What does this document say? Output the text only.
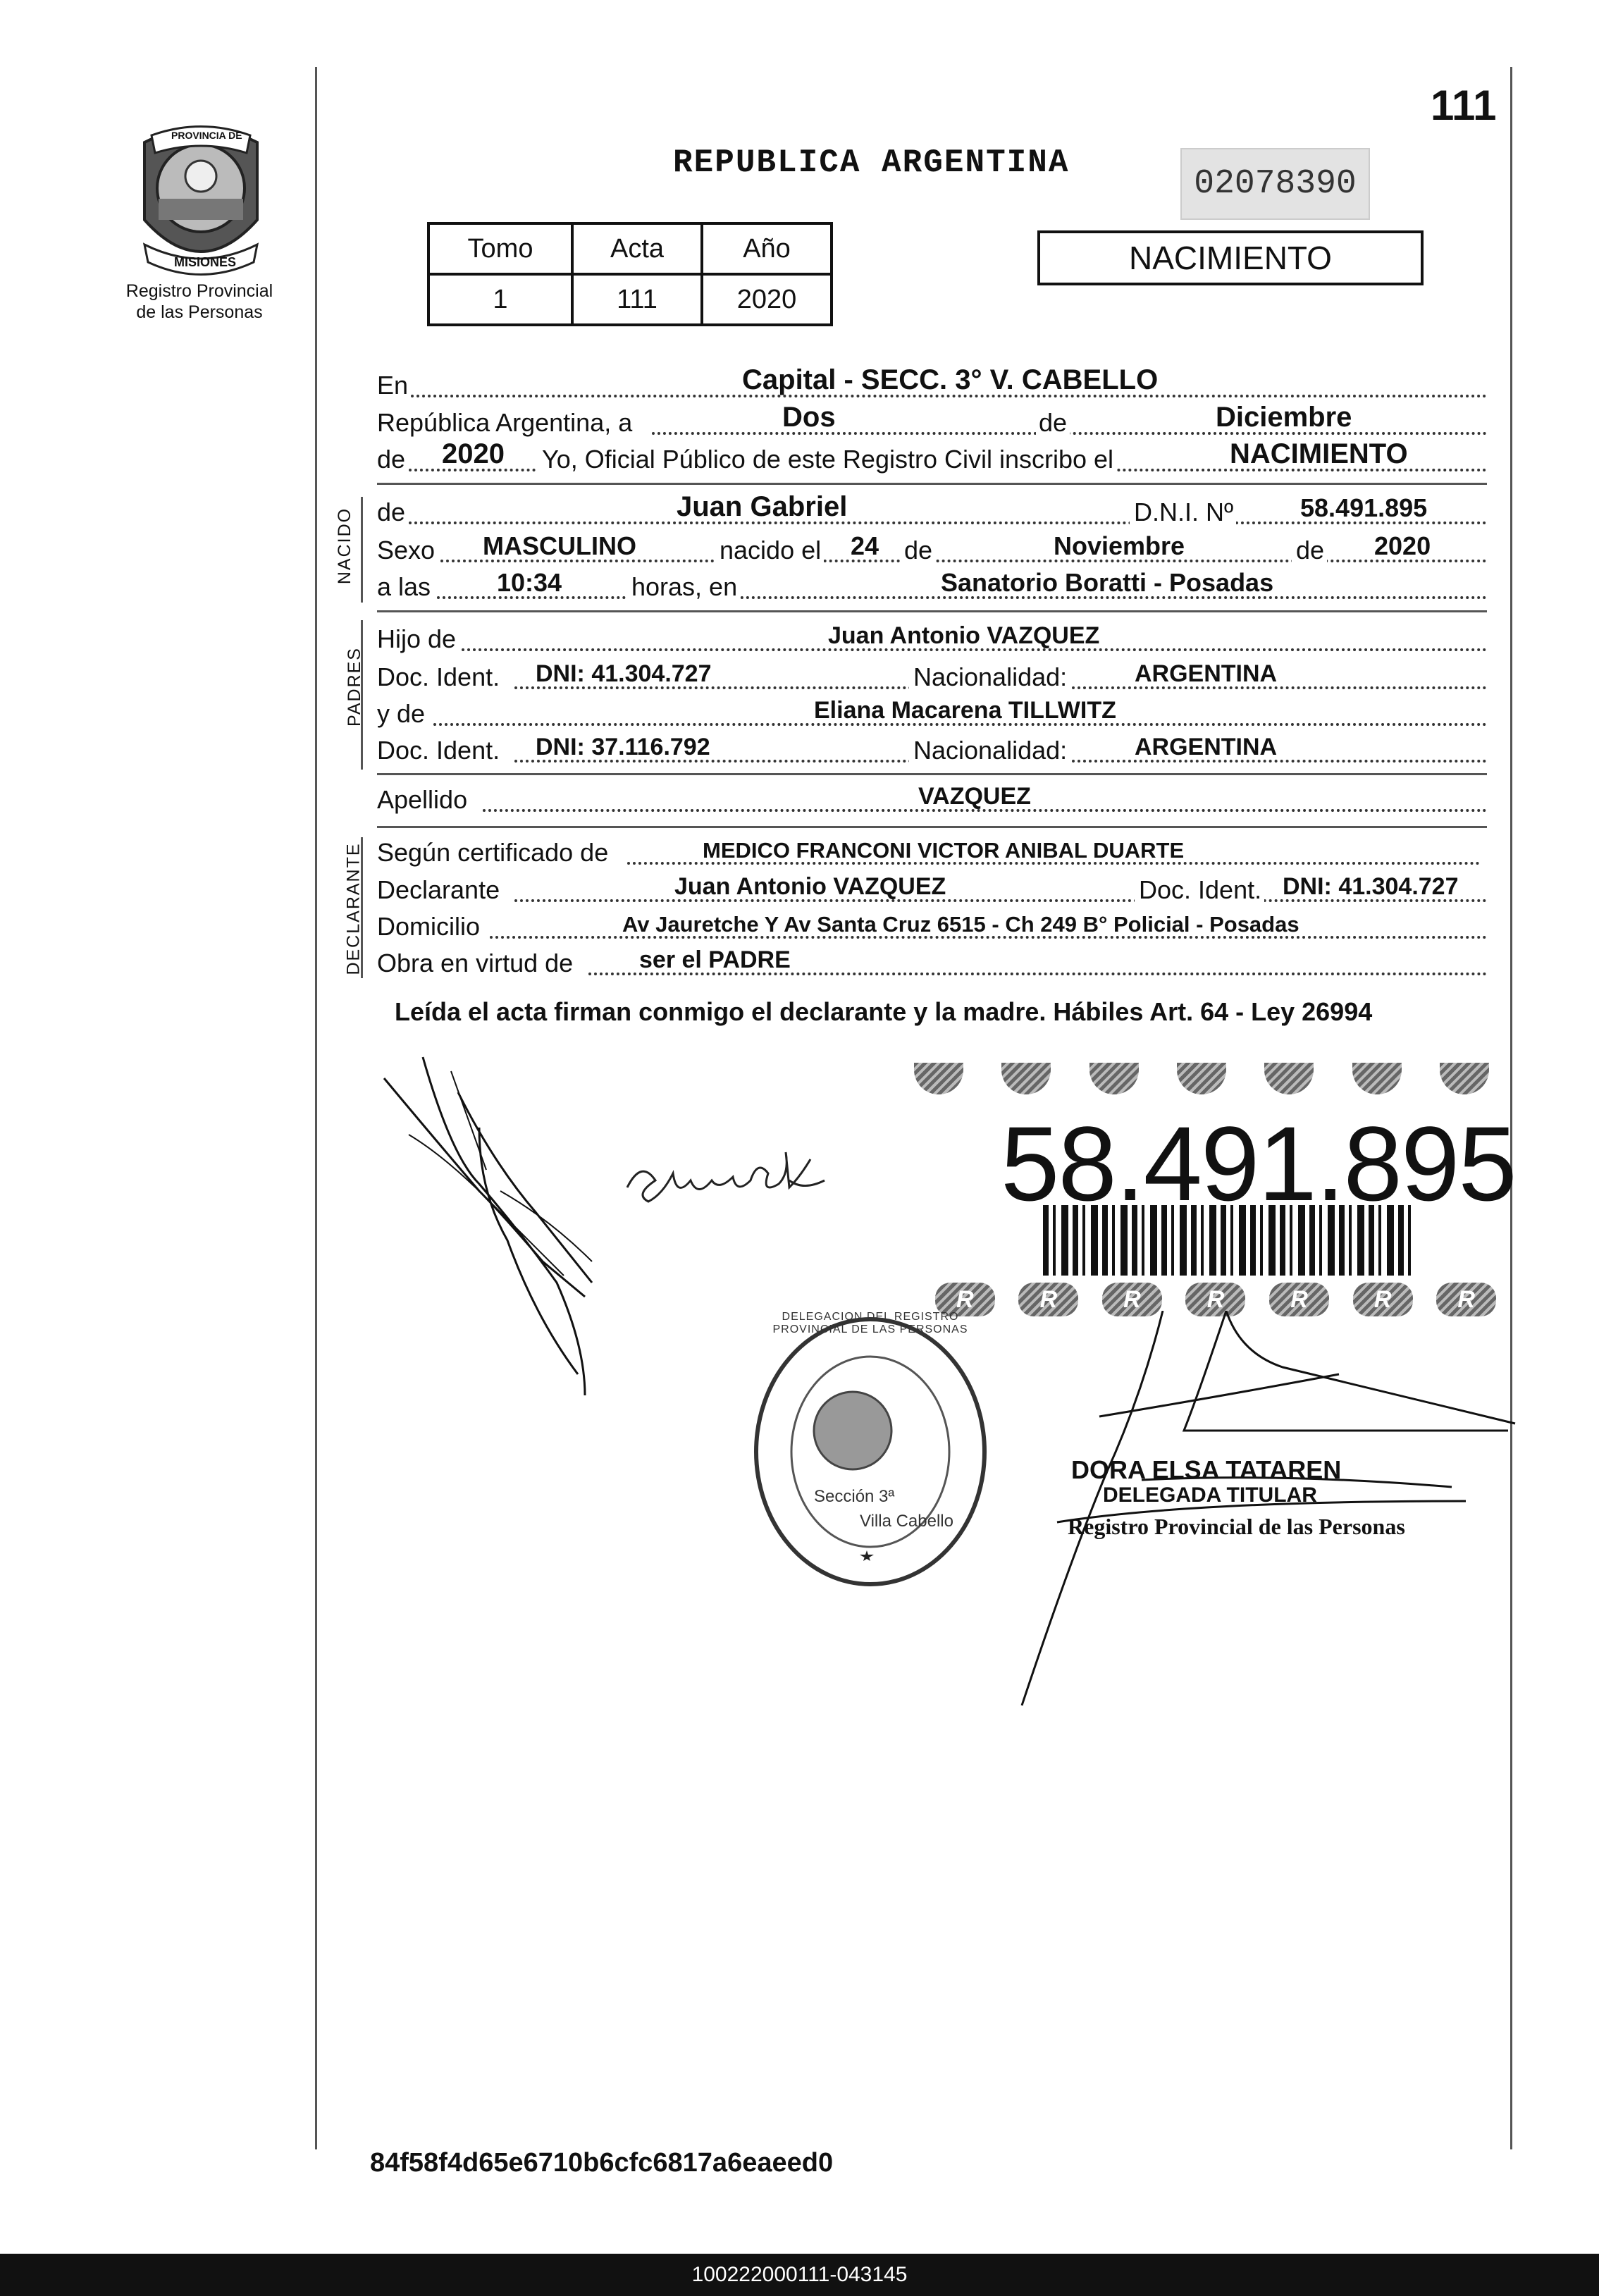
111
PROVINCIA DE
MISIONES
Registro Provincial
de las Personas
REPUBLICA ARGENTINA
02078390
Tomo	Acta	Año
1	111	2020
NACIMIENTO
En	Capital - SECC. 3° V. CABELLO
República Argentina, a	Dos	de	Diciembre
de 2020 Yo, Oficial Público de este Registro Civil inscribo el	NACIMIENTO
NACIDO de	Juan Gabriel	D.N.I. Nº	58.491.895
Sexo MASCULINO	nacido el 24 de	Noviembre	de 2020
a las	10:34	horas, en	Sanatorio Boratti - Posadas
PADRES
Hijo de	Juan Antonio VAZQUEZ
Doc. Ident. DNI: 41.304.727	Nacionalidad:	ARGENTINA
y de	Eliana Macarena TILLWITZ
Doc. Ident. DNI: 37.116.792	Nacionalidad:	ARGENTINA
Apellido	VAZQUEZ
DECLARANTE Según certificado de	MEDICO FRANCONI VICTOR ANIBAL DUARTE
Declarante	Juan Antonio VAZQUEZ	Doc. Ident. DNI: 41.304.727
Domicilio	Av Jauretche Y Av Santa Cruz 6515 - Ch 249 B° Policial - Posadas
Obra en virtud de	ser el PADRE
Leída el acta firman conmigo el declarante y la madre. Hábiles Art. 64 - Ley 26994
R	R	R	R	R	R	R
58.491.895
DELEGACION DEL REGISTRO PROVINCIAL DE LAS PERSONAS
Sección 3ª
Villa Cabello
DORA ELSA TATAREN
DELEGADA TITULAR
Registro Provincial de las Personas
84f58f4d65e6710b6cfc6817a6eaeed0
100222000111-043145
